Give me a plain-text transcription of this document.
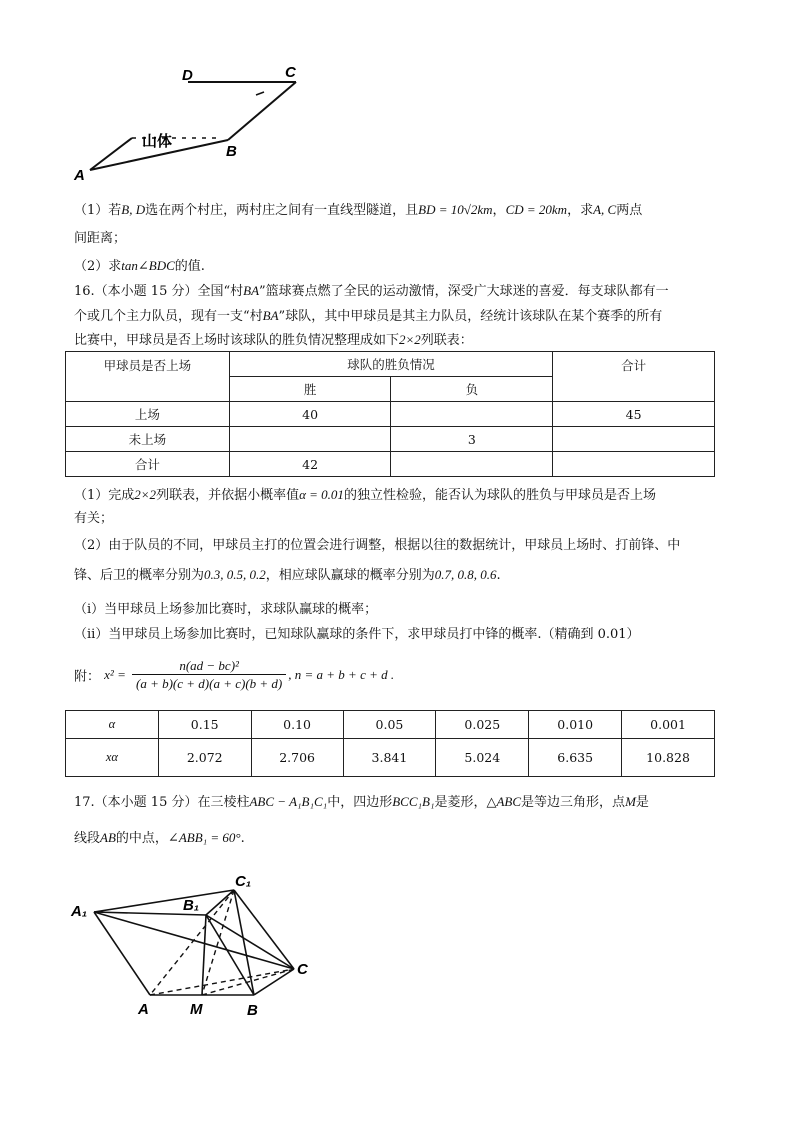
D	C
A
B
山体
（1）若B, D选在两个村庄，两村庄之间有一直线型隧道，且BD = 10√2km，CD = 20km，求A, C两点
间距离；
（2）求tan∠BDC的值.
16.（本小题 15 分）全国“村BA”篮球赛点燃了全民的运动激情，深受广大球迷的喜爱．每支球队都有一
个或几个主力队员，现有一支“村BA”球队，其中甲球员是其主力队员，经统计该球队在某个赛季的所有
比赛中，甲球员是否上场时该球队的胜负情况整理成如下2×2列联表：
甲球员是否上场	球队的胜负情况		合计
	胜	负	
上场	40		45
未上场		3	
合计	42		
（1）完成2×2列联表，并依据小概率值α = 0.01的独立性检验，能否认为球队的胜负与甲球员是否上场
有关；
（2）由于队员的不同，甲球员主打的位置会进行调整，根据以往的数据统计，甲球员上场时、打前锋、中
锋、后卫的概率分别为0.3, 0.5, 0.2，相应球队赢球的概率分别为0.7, 0.8, 0.6.
（i）当甲球员上场参加比赛时，求球队赢球的概率；
（ii）当甲球员上场参加比赛时，已知球队赢球的条件下，求甲球员打中锋的概率.（精确到 0.01）
附： $x^2 = \frac{\text{n(ad − bc)²}}{(a + b)(c + d)(a + c)(b + d)}$ , n = a + b + c + d .
α	0.15	0.10	0.05	0.025	0.010	0.001
xα	2.072	2.706	3.841	5.024	6.635	10.828
17.（本小题 15 分）在三棱柱ABC − A₁B₁C₁中，四边形BCC₁B₁是菱形，△ABC是等边三角形，点M是
线段AB的中点，∠ABB₁ = 60°.
A₁	B₁
C₁
A	M	B
C
